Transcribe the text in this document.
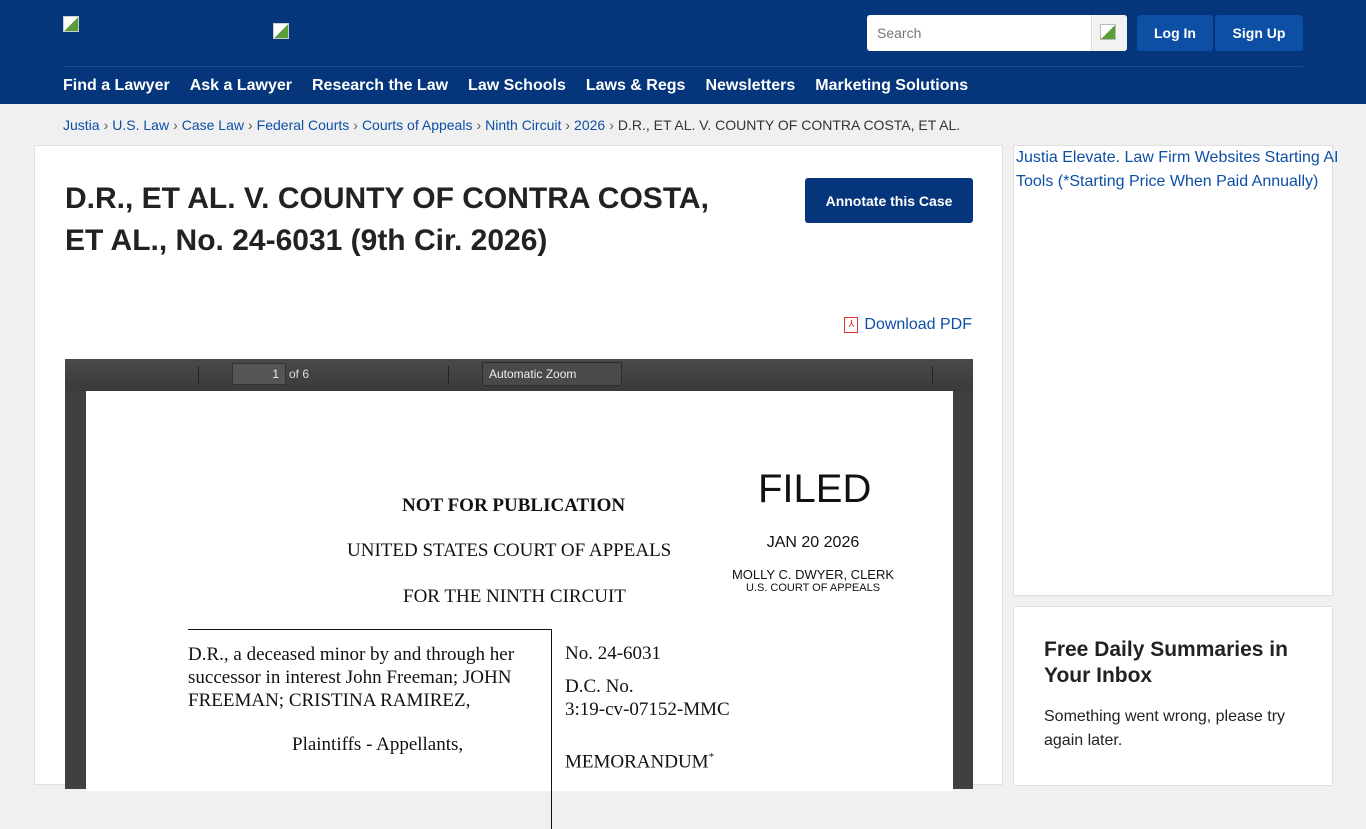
Search
Log In	Sign Up
Find a Lawyer Ask a Lawyer Research the Law Law Schools Laws & Regs Newsletters Marketing Solutions
Justia › U.S. Law › Case Law › Federal Courts › Courts of Appeals › Ninth Circuit › 2026 › D.R., ET AL. V. COUNTY OF CONTRA COSTA, ET AL.
D.R., ET AL. V. COUNTY OF CONTRA COSTA, ET AL., No. 24-6031 (9th Cir. 2026)
Annotate this Case
⅄ Download PDF
1 of 6	Automatic Zoom
NOT FOR PUBLICATION
UNITED STATES COURT OF APPEALS
FOR THE NINTH CIRCUIT
FILED
JAN 20 2026
MOLLY C. DWYER, CLERK
U.S. COURT OF APPEALS
D.R., a deceased minor by and through her successor in interest John Freeman; JOHN FREEMAN; CRISTINA RAMIREZ,
Plaintiffs - Appellants,
No. 24-6031
D.C. No.
3:19-cv-07152-MMC
MEMORANDUM*
Justia Elevate. Law Firm Websites Starting AI Tools (*Starting Price When Paid Annually)
Free Daily Summaries in Your Inbox

Something went wrong, please try again later.
